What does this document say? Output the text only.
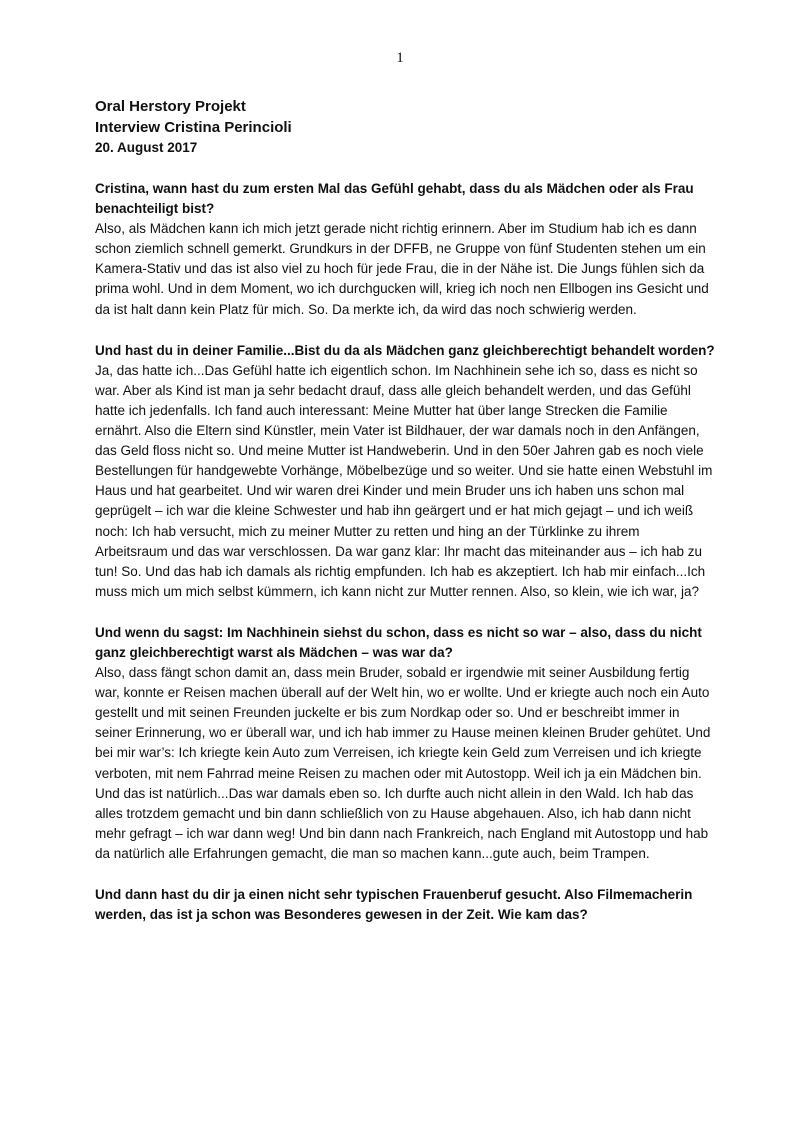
1
Oral Herstory Projekt
Interview Cristina Perincioli
20. August 2017
Cristina, wann hast du zum ersten Mal das Gefühl gehabt, dass du als Mädchen oder als Frau benachteiligt bist?
Also, als Mädchen kann ich mich jetzt gerade nicht richtig erinnern. Aber im Studium hab ich es dann schon ziemlich schnell gemerkt. Grundkurs in der DFFB, ne Gruppe von fünf Studenten stehen um ein Kamera-Stativ und das ist also viel zu hoch für jede Frau, die in der Nähe ist. Die Jungs fühlen sich da prima wohl. Und in dem Moment, wo ich durchgucken will, krieg ich noch nen Ellbogen ins Gesicht und da ist halt dann kein Platz für mich. So. Da merkte ich, da wird das noch schwierig werden.
Und hast du in deiner Familie...Bist du da als Mädchen ganz gleichberechtigt behandelt worden?
Ja, das hatte ich...Das Gefühl hatte ich eigentlich schon. Im Nachhinein sehe ich so, dass es nicht so war. Aber als Kind ist man ja sehr bedacht drauf, dass alle gleich behandelt werden, und das Gefühl hatte ich jedenfalls. Ich fand auch interessant: Meine Mutter hat über lange Strecken die Familie ernährt. Also die Eltern sind Künstler, mein Vater ist Bildhauer, der war damals noch in den Anfängen, das Geld floss nicht so. Und meine Mutter ist Handweberin. Und in den 50er Jahren gab es noch viele Bestellungen für handgewebte Vorhänge, Möbelbezüge und so weiter. Und sie hatte einen Webstuhl im Haus und hat gearbeitet. Und wir waren drei Kinder und mein Bruder uns ich haben uns schon mal geprügelt – ich war die kleine Schwester und hab ihn geärgert und er hat mich gejagt – und ich weiß noch: Ich hab versucht, mich zu meiner Mutter zu retten und hing an der Türklinke zu ihrem Arbeitsraum und das war verschlossen. Da war ganz klar: Ihr macht das miteinander aus – ich hab zu tun! So. Und das hab ich damals als richtig empfunden. Ich hab es akzeptiert. Ich hab mir einfach...Ich muss mich um mich selbst kümmern, ich kann nicht zur Mutter rennen. Also, so klein, wie ich war, ja?
Und wenn du sagst: Im Nachhinein siehst du schon, dass es nicht so war – also, dass du nicht ganz gleichberechtigt warst als Mädchen – was war da?
Also, dass fängt schon damit an, dass mein Bruder, sobald er irgendwie mit seiner Ausbildung fertig war, konnte er Reisen machen überall auf der Welt hin, wo er wollte. Und er kriegte auch noch ein Auto gestellt und mit seinen Freunden juckelte er bis zum Nordkap oder so. Und er beschreibt immer in seiner Erinnerung, wo er überall war, und ich hab immer zu Hause meinen kleinen Bruder gehütet. Und bei mir war’s: Ich kriegte kein Auto zum Verreisen, ich kriegte kein Geld zum Verreisen und ich kriegte verboten, mit nem Fahrrad meine Reisen zu machen oder mit Autostopp. Weil ich ja ein Mädchen bin. Und das ist natürlich...Das war damals eben so. Ich durfte auch nicht allein in den Wald. Ich hab das alles trotzdem gemacht und bin dann schließlich von zu Hause abgehauen. Also, ich hab dann nicht mehr gefragt – ich war dann weg! Und bin dann nach Frankreich, nach England mit Autostopp und hab da natürlich alle Erfahrungen gemacht, die man so machen kann...gute auch, beim Trampen.
Und dann hast du dir ja einen nicht sehr typischen Frauenberuf gesucht. Also Filmemacherin werden, das ist ja schon was Besonderes gewesen in der Zeit. Wie kam das?
